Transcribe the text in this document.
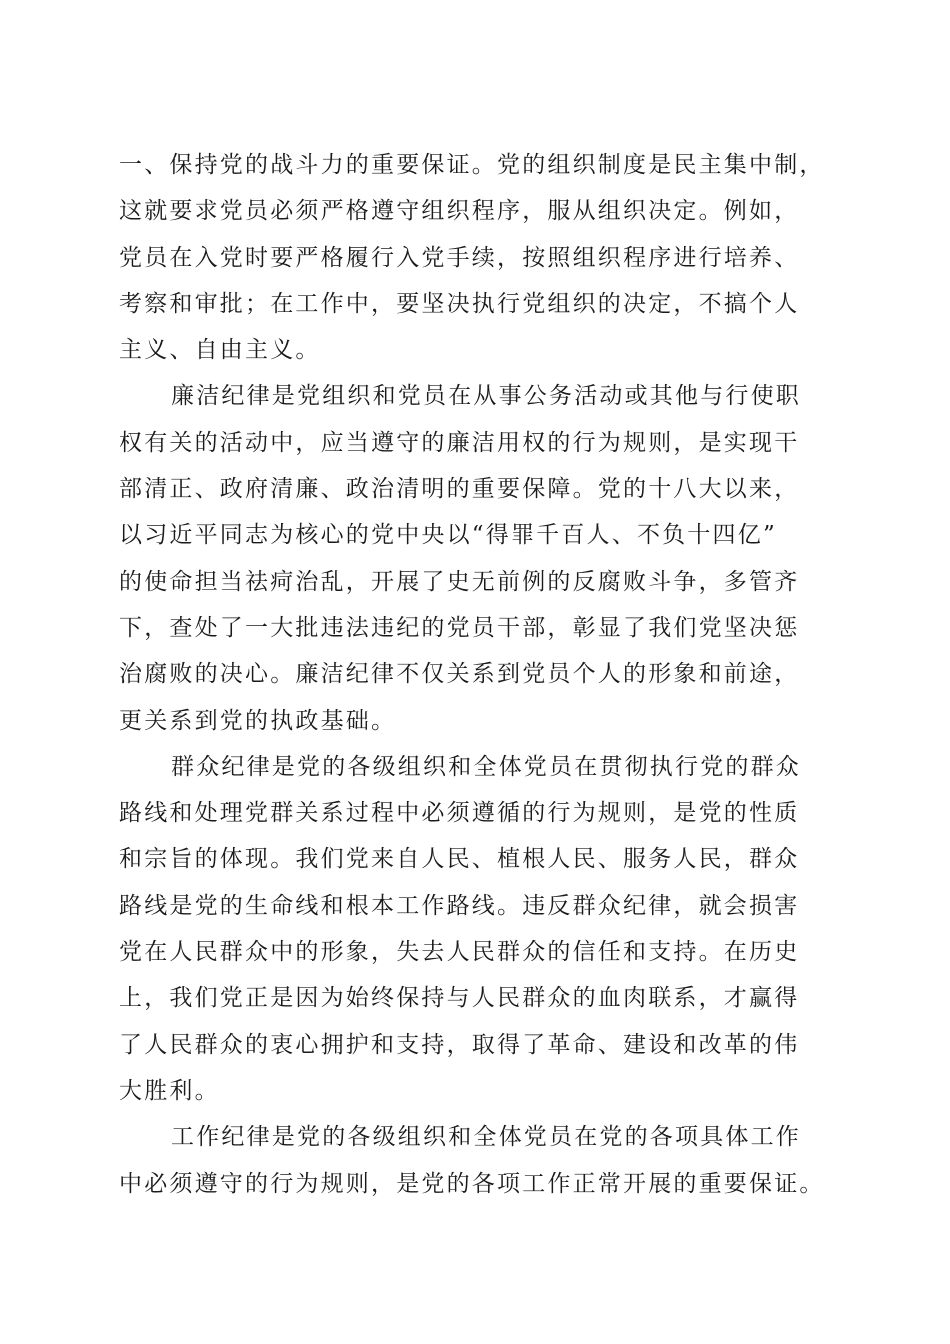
一、保持党的战斗力的重要保证。党的组织制度是民主集中制，
这就要求党员必须严格遵守组织程序，服从组织决定。例如，
党员在入党时要严格履行入党手续，按照组织程序进行培养、
考察和审批；在工作中，要坚决执行党组织的决定，不搞个人
主义、自由主义。
廉洁纪律是党组织和党员在从事公务活动或其他与行使职
权有关的活动中，应当遵守的廉洁用权的行为规则，是实现干
部清正、政府清廉、政治清明的重要保障。党的十八大以来，
以习近平同志为核心的党中央以“得罪千百人、不负十四亿”
的使命担当祛疴治乱，开展了史无前例的反腐败斗争，多管齐
下，查处了一大批违法违纪的党员干部，彰显了我们党坚决惩
治腐败的决心。廉洁纪律不仅关系到党员个人的形象和前途，
更关系到党的执政基础。
群众纪律是党的各级组织和全体党员在贯彻执行党的群众
路线和处理党群关系过程中必须遵循的行为规则，是党的性质
和宗旨的体现。我们党来自人民、植根人民、服务人民，群众
路线是党的生命线和根本工作路线。违反群众纪律，就会损害
党在人民群众中的形象，失去人民群众的信任和支持。在历史
上，我们党正是因为始终保持与人民群众的血肉联系，才赢得
了人民群众的衷心拥护和支持，取得了革命、建设和改革的伟
大胜利。
工作纪律是党的各级组织和全体党员在党的各项具体工作
中必须遵守的行为规则，是党的各项工作正常开展的重要保证。
